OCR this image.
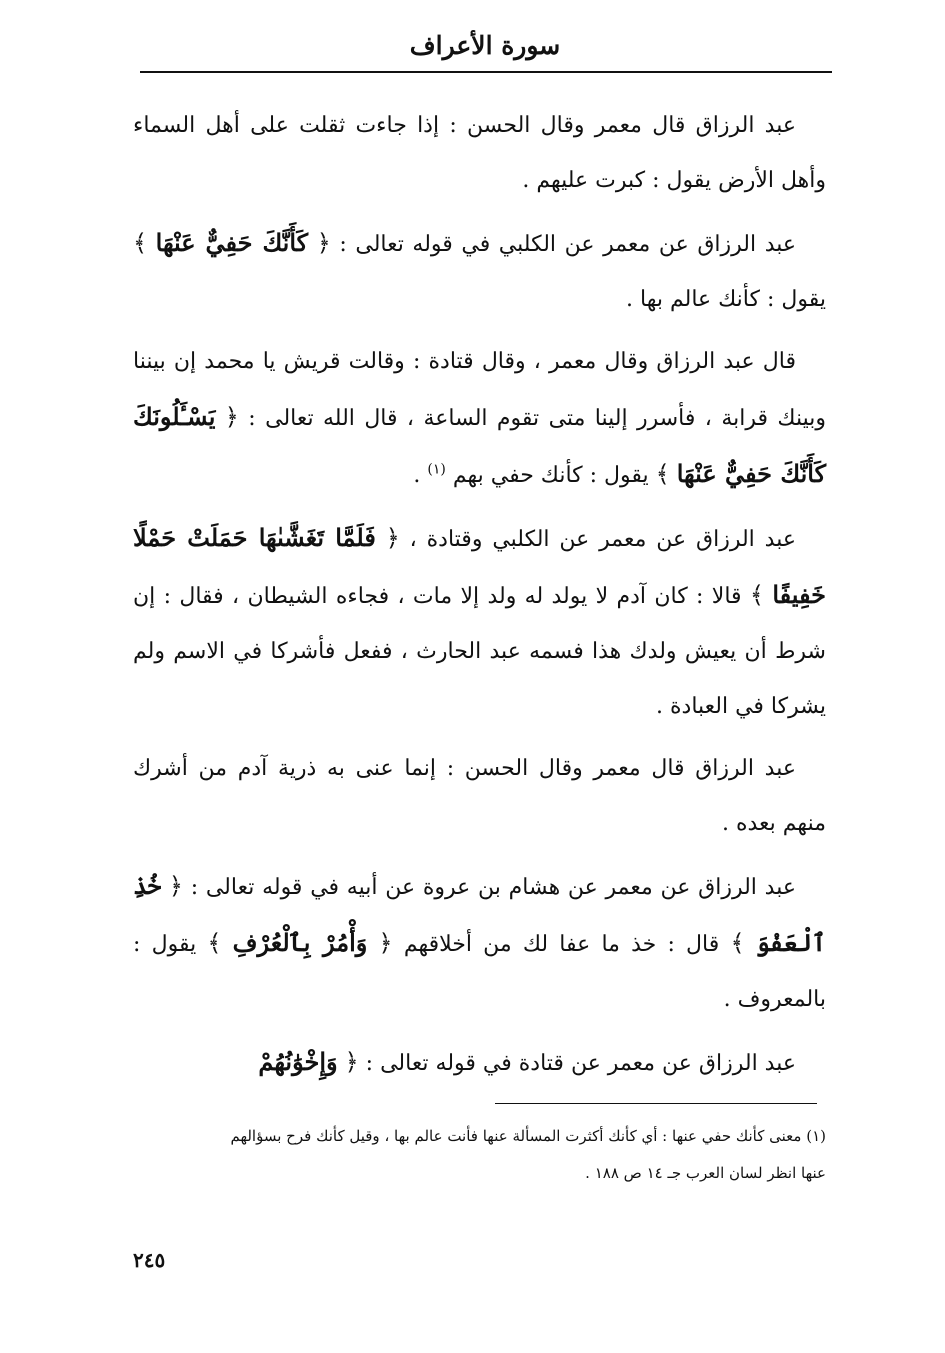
سورة الأعراف

عبد الرزاق قال معمر وقال الحسن : إذا جاءت ثقلت على أهل السماء وأهل الأرض يقول : كبرت عليهم .

عبد الرزاق عن معمر عن الكلبي في قوله تعالى : ﴿ كَأَنَّكَ حَفِيٌّ عَنْهَا ﴾ يقول : كأنك عالم بها .

قال عبد الرزاق وقال معمر ، وقال قتادة : وقالت قريش يا محمد إن بيننا وبينك قرابة ، فأسرر إلينا متى تقوم الساعة ، قال الله تعالى : ﴿ يَسْـَٔلُونَكَ كَأَنَّكَ حَفِيٌّ عَنْهَا ﴾ يقول : كأنك حفي بهم $^{(١)}$ .

عبد الرزاق عن معمر عن الكلبي وقتادة ، ﴿ فَلَمَّا تَغَشَّىٰهَا حَمَلَتْ حَمْلًا خَفِيفًا ﴾ قالا : كان آدم لا يولد له ولد إلا مات ، فجاءه الشيطان ، فقال : إن شرط أن يعيش ولدك هذا فسمه عبد الحارث ، ففعل فأشركا في الاسم ولم يشركا في العبادة .

عبد الرزاق قال معمر وقال الحسن : إنما عنى به ذرية آدم من أشرك منهم بعده .

عبد الرزاق عن معمر عن هشام بن عروة عن أبيه في قوله تعالى : ﴿ خُذِ ٱلْعَفْوَ ﴾ قال : خذ ما عفا لك من أخلاقهم ﴿ وَأْمُرْ بِٱلْعُرْفِ ﴾ يقول : بالمعروف .

عبد الرزاق عن معمر عن قتادة في قوله تعالى : ﴿ وَإِخْوَٰنُهُمْ

(١) معنى كأنك حفي عنها : أي كأنك أكثرت المسألة عنها فأنت عالم بها ، وقيل كأنك فرح بسؤالهم

عنها انظر لسان العرب جـ ١٤ ص ١٨٨ .

٢٤٥
